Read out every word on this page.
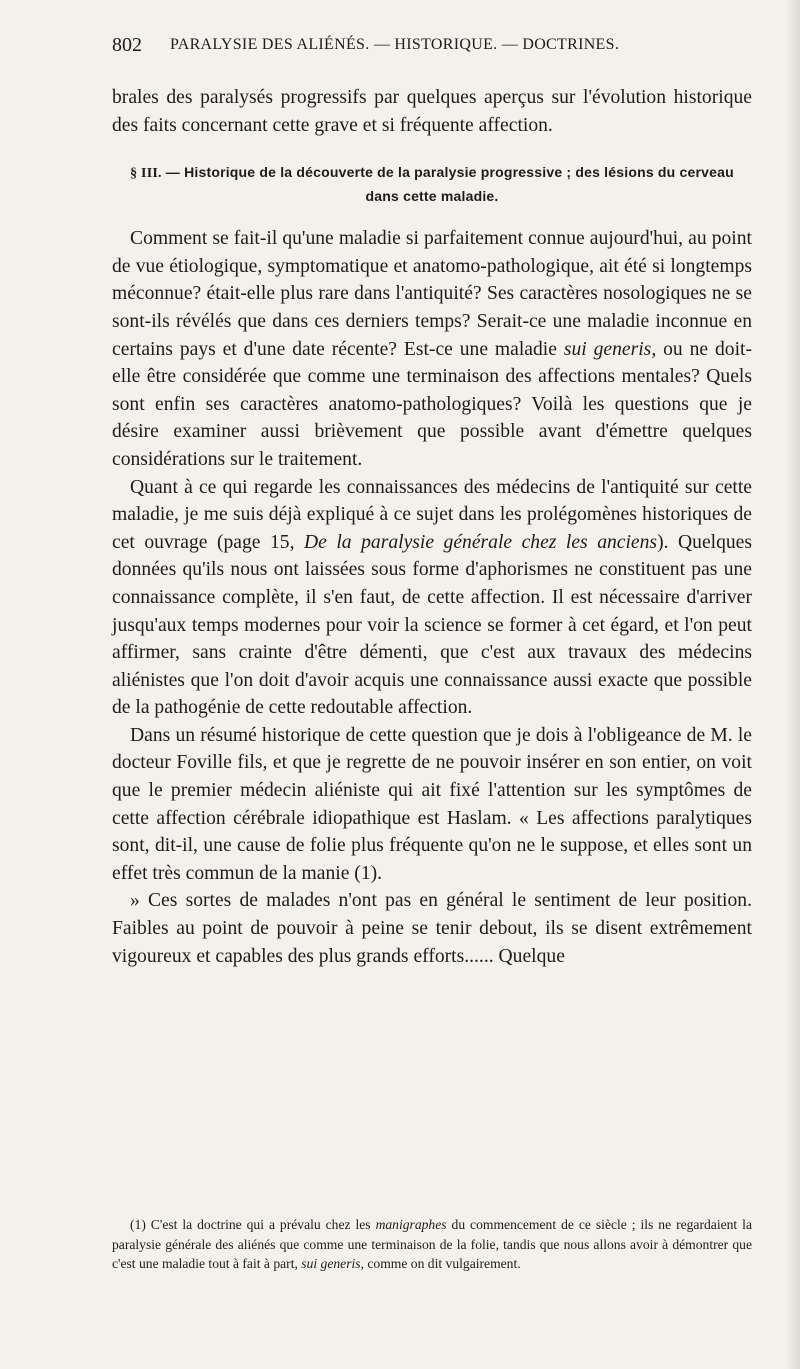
802 PARALYSIE DES ALIÉNÉS. — HISTORIQUE. — DOCTRINES.

brales des paralysés progressifs par quelques aperçus sur l'évolution historique des faits concernant cette grave et si fréquente affection.

§ III. — Historique de la découverte de la paralysie progressive ; des lésions du cerveau dans cette maladie.

Comment se fait-il qu'une maladie si parfaitement connue aujourd'hui, au point de vue étiologique, symptomatique et anatomo-pathologique, ait été si longtemps méconnue? était-elle plus rare dans l'antiquité? Ses caractères nosologiques ne se sont-ils révélés que dans ces derniers temps? Serait-ce une maladie inconnue en certains pays et d'une date récente? Est-ce une maladie sui generis, ou ne doit-elle être considérée que comme une terminaison des affections mentales? Quels sont enfin ses caractères anatomo-pathologiques? Voilà les questions que je désire examiner aussi brièvement que possible avant d'émettre quelques considérations sur le traitement.

Quant à ce qui regarde les connaissances des médecins de l'antiquité sur cette maladie, je me suis déjà expliqué à ce sujet dans les prolégomènes historiques de cet ouvrage (page 15, De la paralysie générale chez les anciens). Quelques données qu'ils nous ont laissées sous forme d'aphorismes ne constituent pas une connaissance complète, il s'en faut, de cette affection. Il est nécessaire d'arriver jusqu'aux temps modernes pour voir la science se former à cet égard, et l'on peut affirmer, sans crainte d'être démenti, que c'est aux travaux des médecins aliénistes que l'on doit d'avoir acquis une connaissance aussi exacte que possible de la pathogénie de cette redoutable affection.

Dans un résumé historique de cette question que je dois à l'obligeance de M. le docteur Foville fils, et que je regrette de ne pouvoir insérer en son entier, on voit que le premier médecin aliéniste qui ait fixé l'attention sur les symptômes de cette affection cérébrale idiopathique est Haslam. « Les affections paralytiques sont, dit-il, une cause de folie plus fréquente qu'on ne le suppose, et elles sont un effet très commun de la manie (1).

» Ces sortes de malades n'ont pas en général le sentiment de leur position. Faibles au point de pouvoir à peine se tenir debout, ils se disent extrêmement vigoureux et capables des plus grands efforts...... Quelque

(1) C'est la doctrine qui a prévalu chez les manigraphes du commencement de ce siècle ; ils ne regardaient la paralysie générale des aliénés que comme une terminaison de la folie, tandis que nous allons avoir à démontrer que c'est une maladie tout à fait à part, sui generis, comme on dit vulgairement.
